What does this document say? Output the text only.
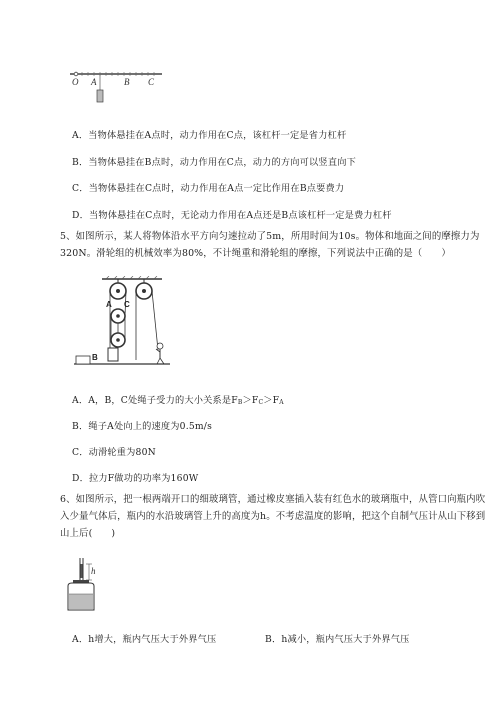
O A	B C
A．当物体悬挂在A点时，动力作用在C点，该杠杆一定是省力杠杆
B．当物体悬挂在B点时，动力作用在C点，动力的方向可以竖直向下
C．当物体悬挂在C点时，动力作用在A点一定比作用在B点要费力
D．当物体悬挂在C点时，无论动力作用在A点还是B点该杠杆一定是费力杠杆
5、如图所示，某人将物体沿水平方向匀速拉动了5m，所用时间为10s。物体和地面之间的摩擦力为
320N。滑轮组的机械效率为80%，不计绳重和滑轮组的摩擦，下列说法中正确的是（　　）
A C
B
A．A，B，C处绳子受力的大小关系是$F_B>F_C>F_A$
B．绳子A处向上的速度为0.5m/s
C．动滑轮重为80N
D．拉力F做功的功率为160W
6、如图所示，把一根两端开口的细玻璃管，通过橡皮塞插入装有红色水的玻璃瓶中，从管口向瓶内吹
入少量气体后，瓶内的水沿玻璃管上升的高度为h。不考虑温度的影响，把这个自制气压计从山下移到
山上后(　　)
h
A．h增大，瓶内气压大于外界气压	B．h减小，瓶内气压大于外界气压
